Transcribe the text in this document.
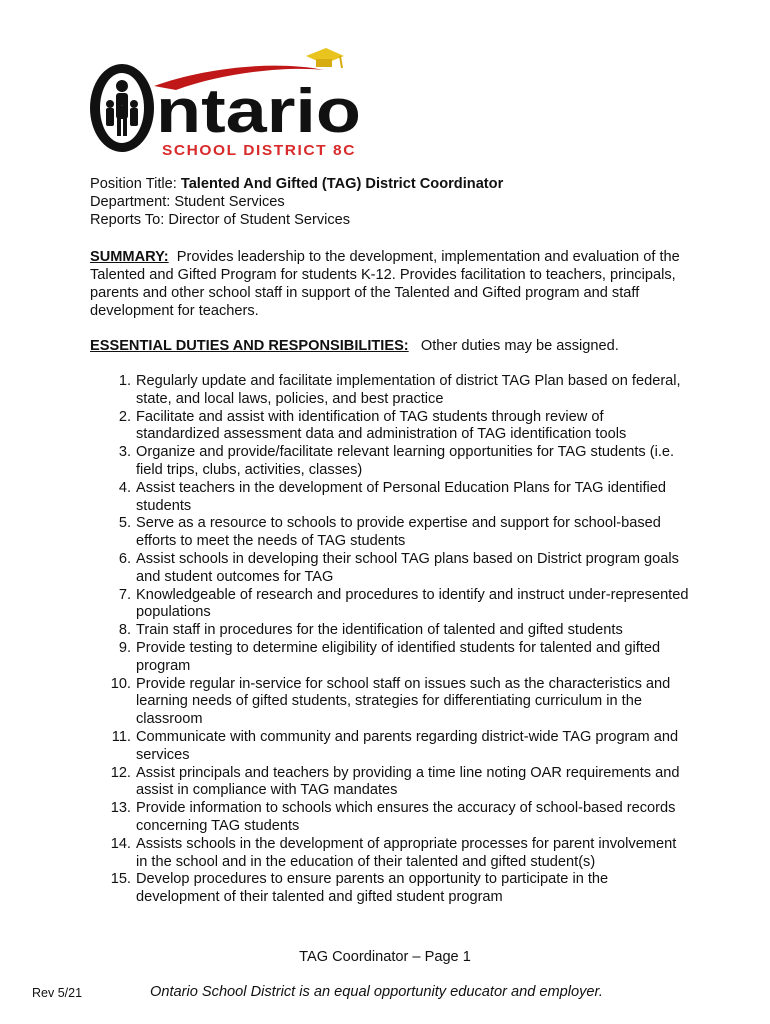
O ntario
SCHOOL DISTRICT 8C
Position Title: Talented And Gifted (TAG) District Coordinator
Department: Student Services
Reports To: Director of Student Services
SUMMARY: Provides leadership to the development, implementation and evaluation of the Talented and Gifted Program for students K-12. Provides facilitation to teachers, principals, parents and other school staff in support of the Talented and Gifted program and staff development for teachers.
ESSENTIAL DUTIES AND RESPONSIBILITIES: Other duties may be assigned.
1. Regularly update and facilitate implementation of district TAG Plan based on federal, state, and local laws, policies, and best practice
2. Facilitate and assist with identification of TAG students through review of standardized assessment data and administration of TAG identification tools
3. Organize and provide/facilitate relevant learning opportunities for TAG students (i.e. field trips, clubs, activities, classes)
4. Assist teachers in the development of Personal Education Plans for TAG identified students
5. Serve as a resource to schools to provide expertise and support for school-based efforts to meet the needs of TAG students
6. Assist schools in developing their school TAG plans based on District program goals and student outcomes for TAG
7. Knowledgeable of research and procedures to identify and instruct under-represented populations
8. Train staff in procedures for the identification of talented and gifted students
9. Provide testing to determine eligibility of identified students for talented and gifted program
10. Provide regular in-service for school staff on issues such as the characteristics and learning needs of gifted students, strategies for differentiating curriculum in the classroom
11. Communicate with community and parents regarding district-wide TAG program and services
12. Assist principals and teachers by providing a time line noting OAR requirements and assist in compliance with TAG mandates
13. Provide information to schools which ensures the accuracy of school-based records concerning TAG students
14. Assists schools in the development of appropriate processes for parent involvement in the school and in the education of their talented and gifted student(s)
15. Develop procedures to ensure parents an opportunity to participate in the development of their talented and gifted student program
TAG Coordinator – Page 1
Rev 5/21	Ontario School District is an equal opportunity educator and employer.
